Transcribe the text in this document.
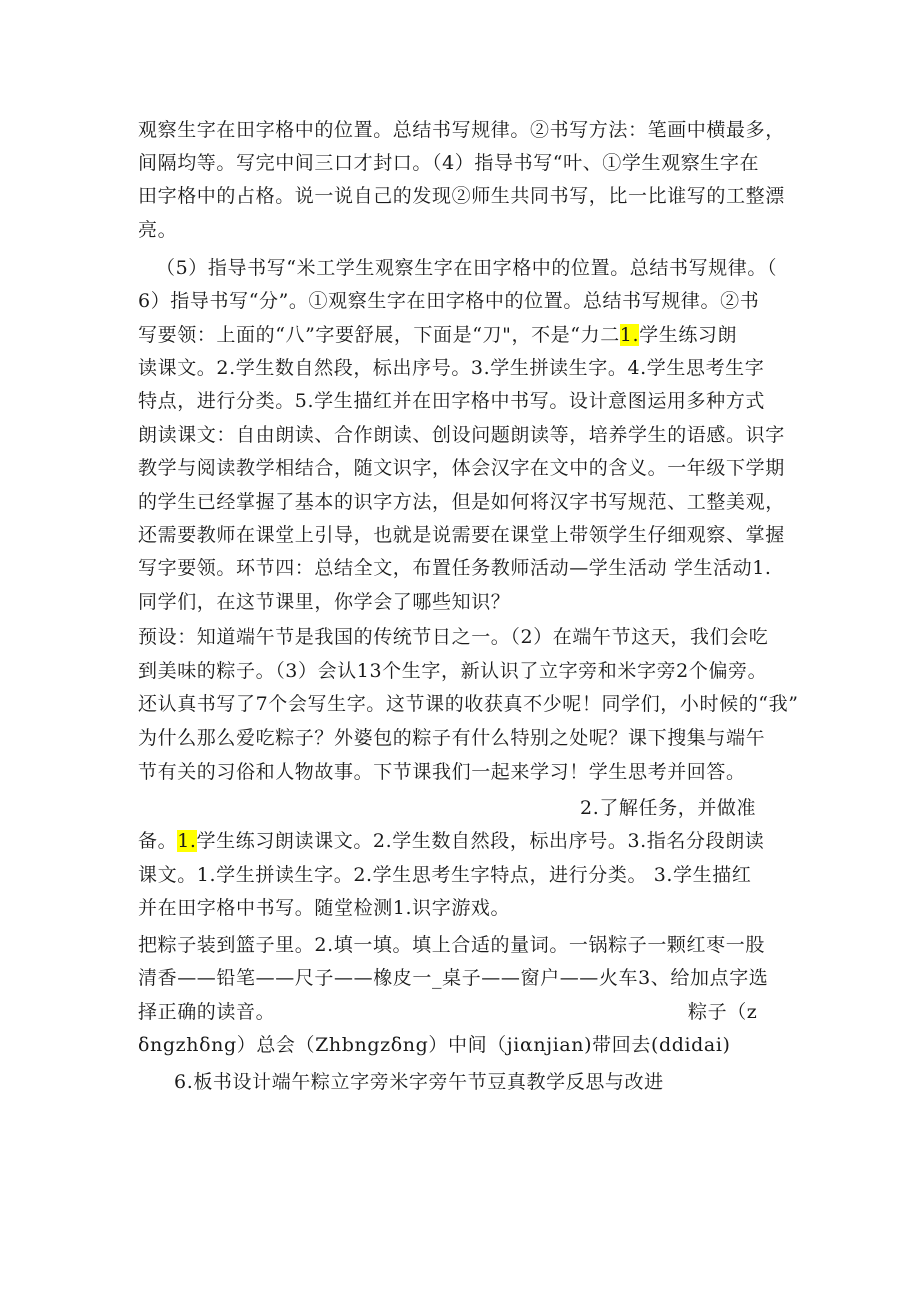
观察生字在田字格中的位置。总结书写规律。②书写方法：笔画中横最多，
间隔均等。写完中间三口才封口。（4）指导书写“叶、①学生观察生字在
田字格中的占格。说一说自己的发现②师生共同书写，比一比谁写的工整漂
亮。
（5）指导书写“米工学生观察生字在田字格中的位置。总结书写规律。（
6）指导书写“分”。①观察生字在田字格中的位置。总结书写规律。②书
写要领：上面的“八”字要舒展，下面是“刀"，不是“力二1.学生练习朗
读课文。2.学生数自然段，标出序号。3.学生拼读生字。4.学生思考生字
特点，进行分类。5.学生描红并在田字格中书写。设计意图运用多种方式
朗读课文：自由朗读、合作朗读、创设问题朗读等，培养学生的语感。识字
教学与阅读教学相结合，随文识字，体会汉字在文中的含义。一年级下学期
的学生已经掌握了基本的识字方法，但是如何将汉字书写规范、工整美观，
还需要教师在课堂上引导，也就是说需要在课堂上带领学生仔细观察、掌握
写字要领。环节四：总结全文，布置任务教师活动—学生活动 学生活动1.
同学们，在这节课里，你学会了哪些知识？
预设：知道端午节是我国的传统节日之一。（2）在端午节这天，我们会吃
到美味的粽子。（3）会认13个生字，新认识了立字旁和米字旁2个偏旁。
还认真书写了7个会写生字。这节课的收获真不少呢！同学们，小时候的“我”
为什么那么爱吃粽子？外婆包的粽子有什么特别之处呢？课下搜集与端午
节有关的习俗和人物故事。下节课我们一起来学习！学生思考并回答。
2.了解任务，并做准
备。1.学生练习朗读课文。2.学生数自然段，标出序号。3.指名分段朗读
课文。1.学生拼读生字。2.学生思考生字特点，进行分类。 3.学生描红
并在田字格中书写。随堂检测1.识字游戏。
把粽子装到篮子里。2.填一填。填上合适的量词。一锅粽子一颗红枣一股
清香——铅笔——尺子——橡皮一_桌子——窗户——火车3、给加点字选
择正确的读音。	粽子（z
δngzhδng）总会（Zhbngzδng）中间（jiαnjian)带回去(ddidai)
6.板书设计端午粽立字旁米字旁午节豆真教学反思与改进
